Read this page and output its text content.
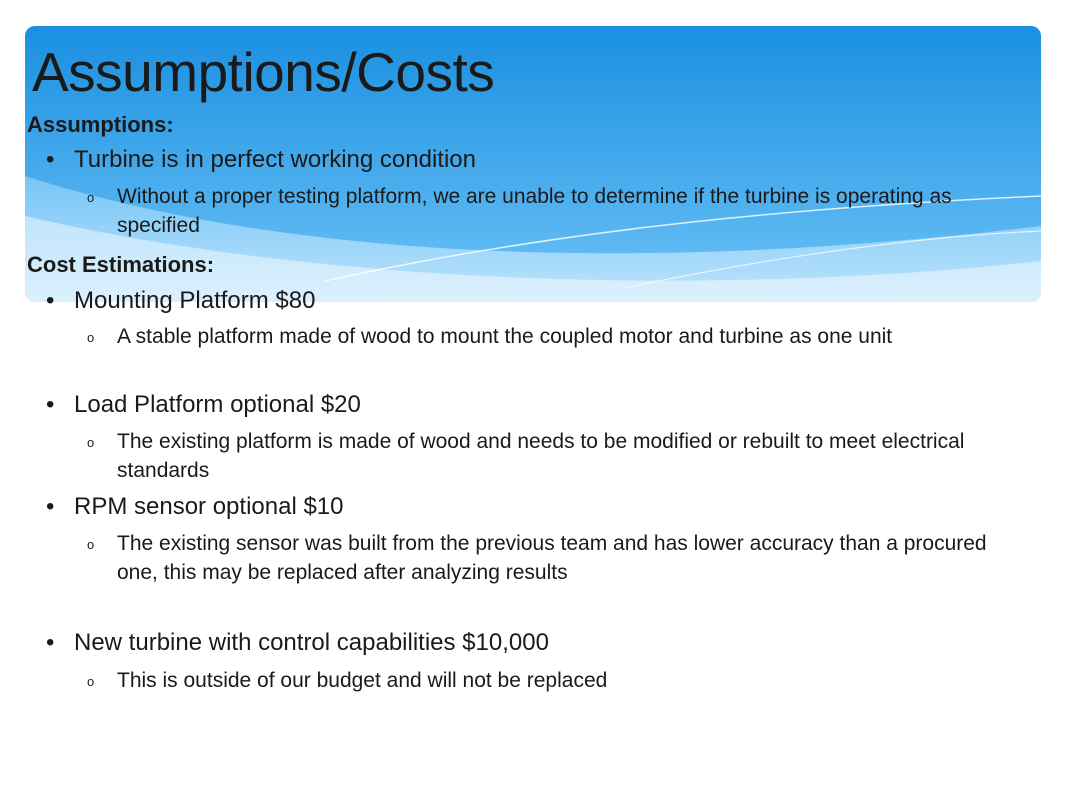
Assumptions/Costs
Assumptions:
• Turbine is in perfect working condition
o Without a proper testing platform, we are unable to determine if the turbine is operating as specified
Cost Estimations:
• Mounting Platform $80
o A stable platform made of wood to mount the coupled motor and turbine as one unit
• Load Platform optional $20
o The existing platform is made of wood and needs to be modified or rebuilt to meet electrical standards
• RPM sensor optional $10
o The existing sensor was built from the previous team and has lower accuracy than a procured one, this may be replaced after analyzing results
• New turbine with control capabilities $10,000
o This is outside of our budget and will not be replaced
